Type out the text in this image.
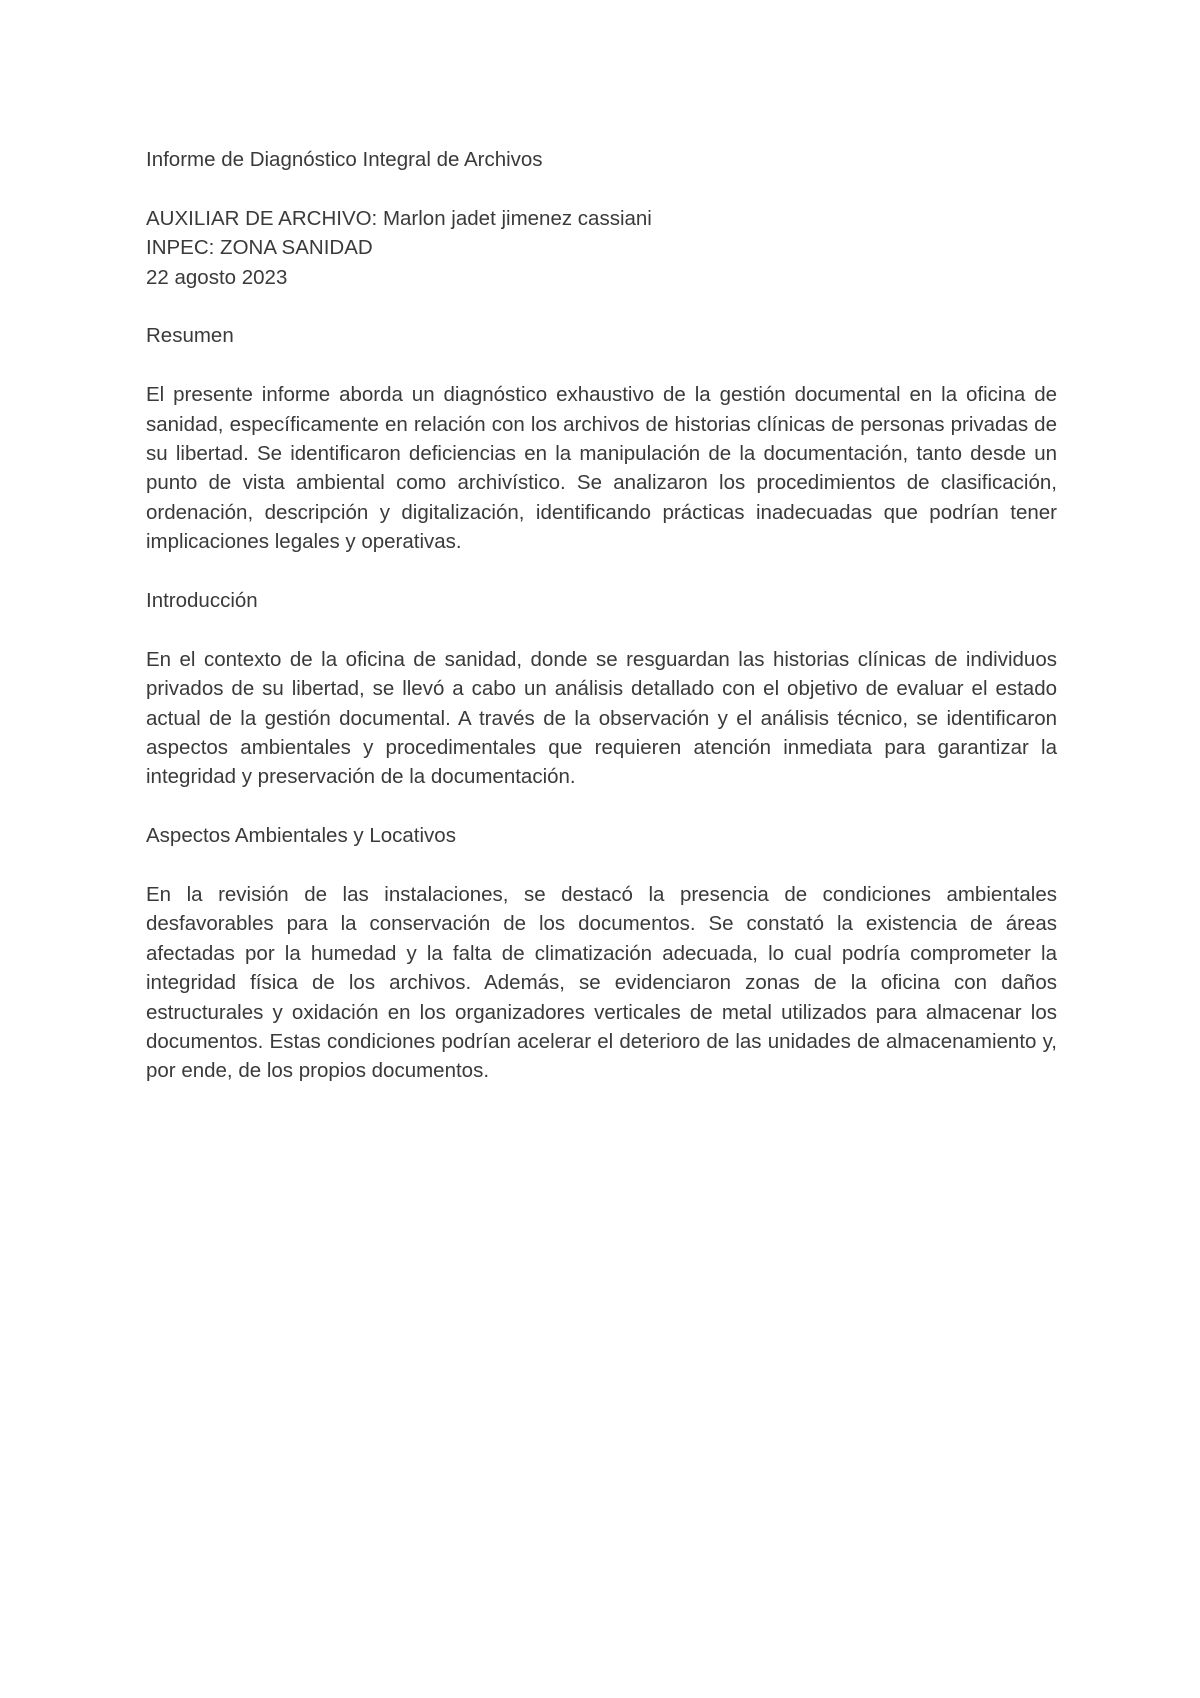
Informe de Diagnóstico Integral de Archivos

AUXILIAR DE ARCHIVO: Marlon jadet jimenez cassiani

INPEC: ZONA SANIDAD

22 agosto 2023

Resumen

El presente informe aborda un diagnóstico exhaustivo de la gestión documental en la oficina de sanidad, específicamente en relación con los archivos de historias clínicas de personas privadas de su libertad. Se identificaron deficiencias en la manipulación de la documentación, tanto desde un punto de vista ambiental como archivístico. Se analizaron los procedimientos de clasificación, ordenación, descripción y digitalización, identificando prácticas inadecuadas que podrían tener implicaciones legales y operativas.

Introducción

En el contexto de la oficina de sanidad, donde se resguardan las historias clínicas de individuos privados de su libertad, se llevó a cabo un análisis detallado con el objetivo de evaluar el estado actual de la gestión documental. A través de la observación y el análisis técnico, se identificaron aspectos ambientales y procedimentales que requieren atención inmediata para garantizar la integridad y preservación de la documentación.

Aspectos Ambientales y Locativos

En la revisión de las instalaciones, se destacó la presencia de condiciones ambientales desfavorables para la conservación de los documentos. Se constató la existencia de áreas afectadas por la humedad y la falta de climatización adecuada, lo cual podría comprometer la integridad física de los archivos. Además, se evidenciaron zonas de la oficina con daños estructurales y oxidación en los organizadores verticales de metal utilizados para almacenar los documentos. Estas condiciones podrían acelerar el deterioro de las unidades de almacenamiento y, por ende, de los propios documentos.
